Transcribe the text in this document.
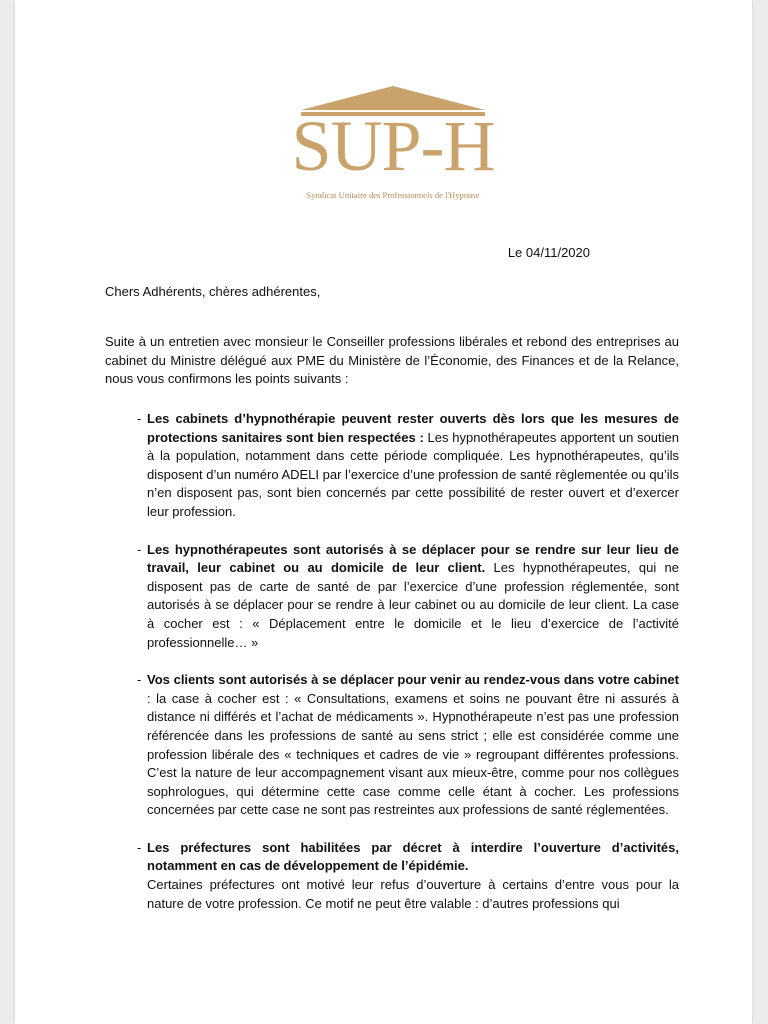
SUP-H
Syndicat Unitaire des Professionnels de l'Hypnose
Le 04/11/2020
Chers Adhérents, chères adhérentes,

Suite à un entretien avec monsieur le Conseiller professions libérales et rebond des entreprises au cabinet du Ministre délégué aux PME du Ministère de l’Économie, des Finances et de la Relance, nous vous confirmons les points suivants :

- Les cabinets d’hypnothérapie peuvent rester ouverts dès lors que les mesures de protections sanitaires sont bien respectées : Les hypnothérapeutes apportent un soutien à la population, notamment dans cette période compliquée. Les hypnothérapeutes, qu’ils disposent d’un numéro ADELI par l’exercice d’une profession de santé règlementée ou qu’ils n’en disposent pas, sont bien concernés par cette possibilité de rester ouvert et d’exercer leur profession.
- Les hypnothérapeutes sont autorisés à se déplacer pour se rendre sur leur lieu de travail, leur cabinet ou au domicile de leur client. Les hypnothérapeutes, qui ne disposent pas de carte de santé de par l’exercice d’une profession réglementée, sont autorisés à se déplacer pour se rendre à leur cabinet ou au domicile de leur client. La case à cocher est : « Déplacement entre le domicile et le lieu d’exercice de l’activité professionnelle… »
- Vos clients sont autorisés à se déplacer pour venir au rendez-vous dans votre cabinet : la case à cocher est : « Consultations, examens et soins ne pouvant être ni assurés à distance ni différés et l’achat de médicaments ». Hypnothérapeute n’est pas une profession référencée dans les professions de santé au sens strict ; elle est considérée comme une profession libérale des « techniques et cadres de vie » regroupant différentes professions. C’est la nature de leur accompagnement visant aux mieux-être, comme pour nos collègues sophrologues, qui détermine cette case comme celle étant à cocher. Les professions concernées par cette case ne sont pas restreintes aux professions de santé réglementées.
- Les préfectures sont habilitées par décret à interdire l’ouverture d’activités, notamment en cas de développement de l’épidémie.
Certaines préfectures ont motivé leur refus d’ouverture à certains d’entre vous pour la nature de votre profession. Ce motif ne peut être valable : d’autres professions qui
